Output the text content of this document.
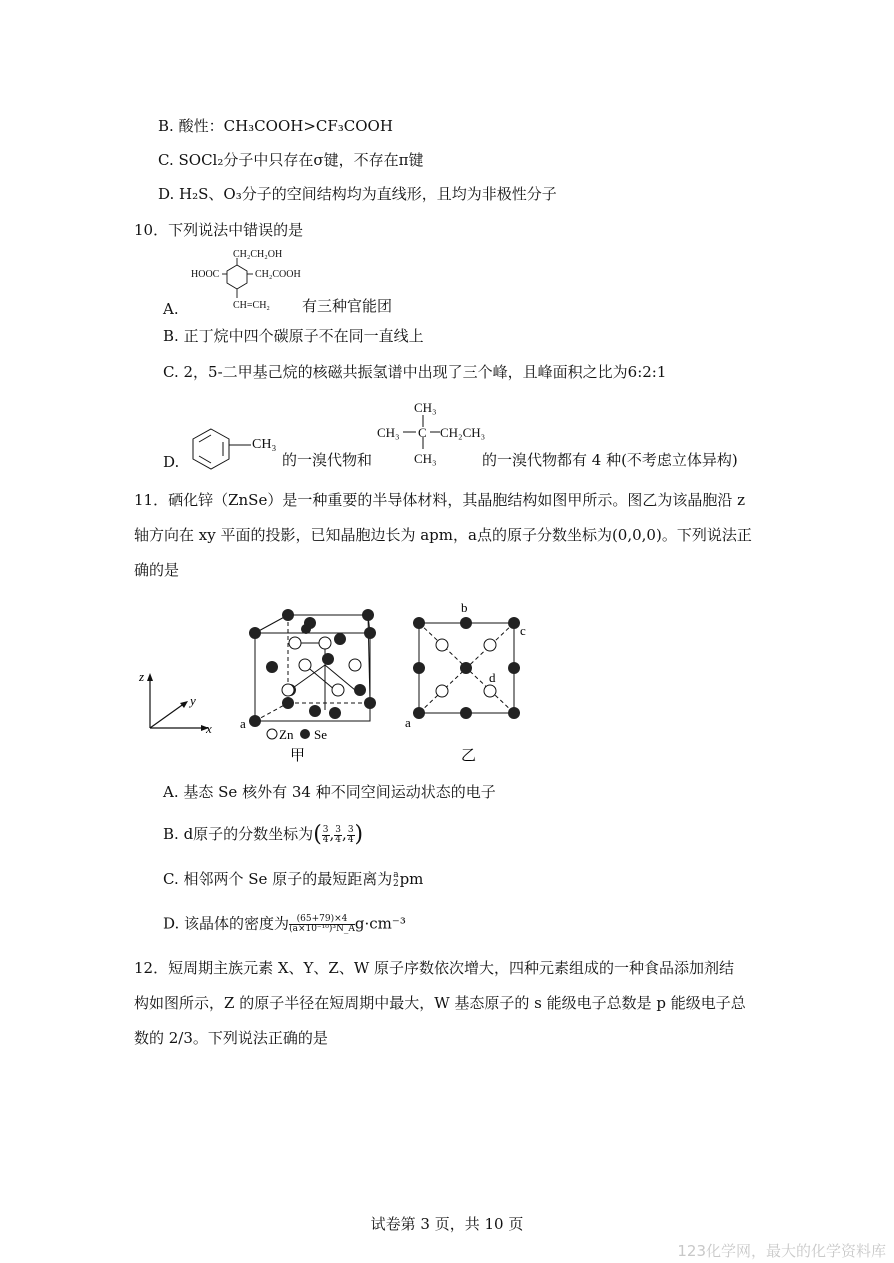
B. 酸性：CH₃COOH>CF₃COOH
C. SOCl₂分子中只存在σ键，不存在π键
D. H₂S、O₃分子的空间结构均为直线形，且均为非极性分子
10．下列说法中错误的是
CH₂CH₂OH
HOOC	CH₂COOH
CH=CH₂
A.	有三种官能团
B. 正丁烷中四个碳原子不在同一直线上
C. 2，5-二甲基己烷的核磁共振氢谱中出现了三个峰，且峰面积之比为6:2:1
D.
CH₃
的一溴代物和
CH₃
CH₃ C CH₂CH₃
CH₃	的一溴代物都有 4 种(不考虑立体异构)
11．硒化锌（ZnSe）是一种重要的半导体材料，其晶胞结构如图甲所示。图乙为该晶胞沿 z
轴方向在 xy 平面的投影，已知晶胞边长为 apm，a点的原子分数坐标为(0,0,0)。下列说法正
确的是
z
y
x a
Zn Se
甲
b
c
d
a
乙
A. 基态 Se 核外有 34 种不同空间运动状态的电子
B. d原子的分数坐标为( $\frac{3}{4}$ , $\frac{3}{4}$ , $\frac{3}{4}$ )
C. 相邻两个 Se 原子的最短距离为 a
2 pm
D. 该晶体的密度为 $\frac{(65+79)\times 4}{\text{(a×10⁻¹⁰)³N\_A}} g\cdot cm^{-3}$
12．短周期主族元素 X、Y、Z、W 原子序数依次增大，四种元素组成的一种食品添加剂结
构如图所示，Z 的原子半径在短周期中最大，W 基态原子的 s 能级电子总数是 p 能级电子总
数的 2/3。下列说法正确的是
试卷第 3 页，共 10 页
123化学网，最大的化学资料库
